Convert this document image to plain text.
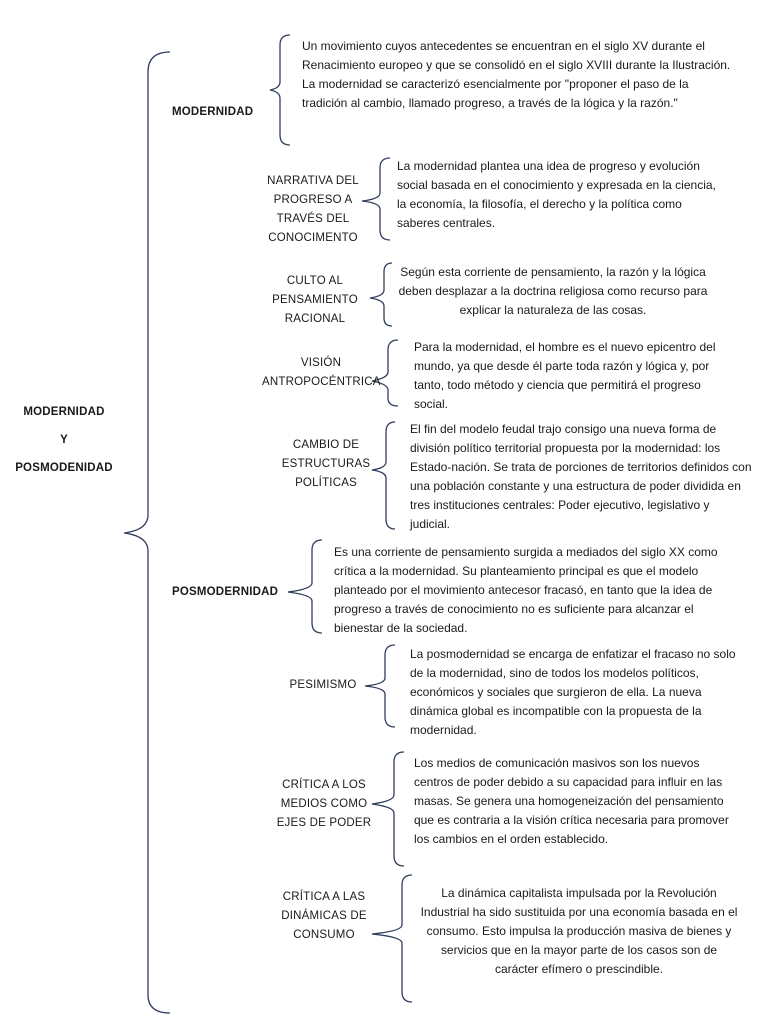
MODERNIDAD
Y
POSMODENIDAD
MODERNIDAD
Un movimiento cuyos antecedentes se encuentran en el siglo XV durante el Renacimiento europeo y que se consolidó en el siglo XVIII durante la Ilustración. La modernidad se caracterizó esencialmente por "proponer el paso de la tradición al cambio, llamado progreso, a través de la lógica y la razón."
NARRATIVA DEL PROGRESO A TRAVÉS DEL CONOCIMENTO
La modernidad plantea una idea de progreso y evolución social basada en el conocimiento y expresada en la ciencia, la economía, la filosofía, el derecho y la política como saberes centrales.
CULTO AL PENSAMIENTO RACIONAL
Según esta corriente de pensamiento, la razón y la lógica deben desplazar a la doctrina religiosa como recurso para explicar la naturaleza de las cosas.
VISIÓN ANTROPOCÉNTRICA
Para la modernidad, el hombre es el nuevo epicentro del mundo, ya que desde él parte toda razón y lógica y, por tanto, todo método y ciencia que permitirá el progreso social.
CAMBIO DE ESTRUCTURAS POLÍTICAS
El fin del modelo feudal trajo consigo una nueva forma de división político territorial propuesta por la modernidad: los Estado-nación. Se trata de porciones de territorios definidos con una población constante y una estructura de poder dividida en tres instituciones centrales: Poder ejecutivo, legislativo y judicial.
POSMODERNIDAD
Es una corriente de pensamiento surgida a mediados del siglo XX como crítica a la modernidad. Su planteamiento principal es que el modelo planteado por el movimiento antecesor fracasó, en tanto que la idea de progreso a través de conocimiento no es suficiente para alcanzar el bienestar de la sociedad.
PESIMISMO
La posmodernidad se encarga de enfatizar el fracaso no solo de la modernidad, sino de todos los modelos políticos, económicos y sociales que surgieron de ella. La nueva dinámica global es incompatible con la propuesta de la modernidad.
CRÍTICA A LOS MEDIOS COMO EJES DE PODER
Los medios de comunicación masivos son los nuevos centros de poder debido a su capacidad para influir en las masas. Se genera una homogeneización del pensamiento que es contraria a la visión crítica necesaria para promover los cambios en el orden establecido.
CRÍTICA A LAS DINÁMICAS DE CONSUMO
La dinámica capitalista impulsada por la Revolución Industrial ha sido sustituida por una economía basada en el consumo. Esto impulsa la producción masiva de bienes y servicios que en la mayor parte de los casos son de carácter efímero o prescindible.
